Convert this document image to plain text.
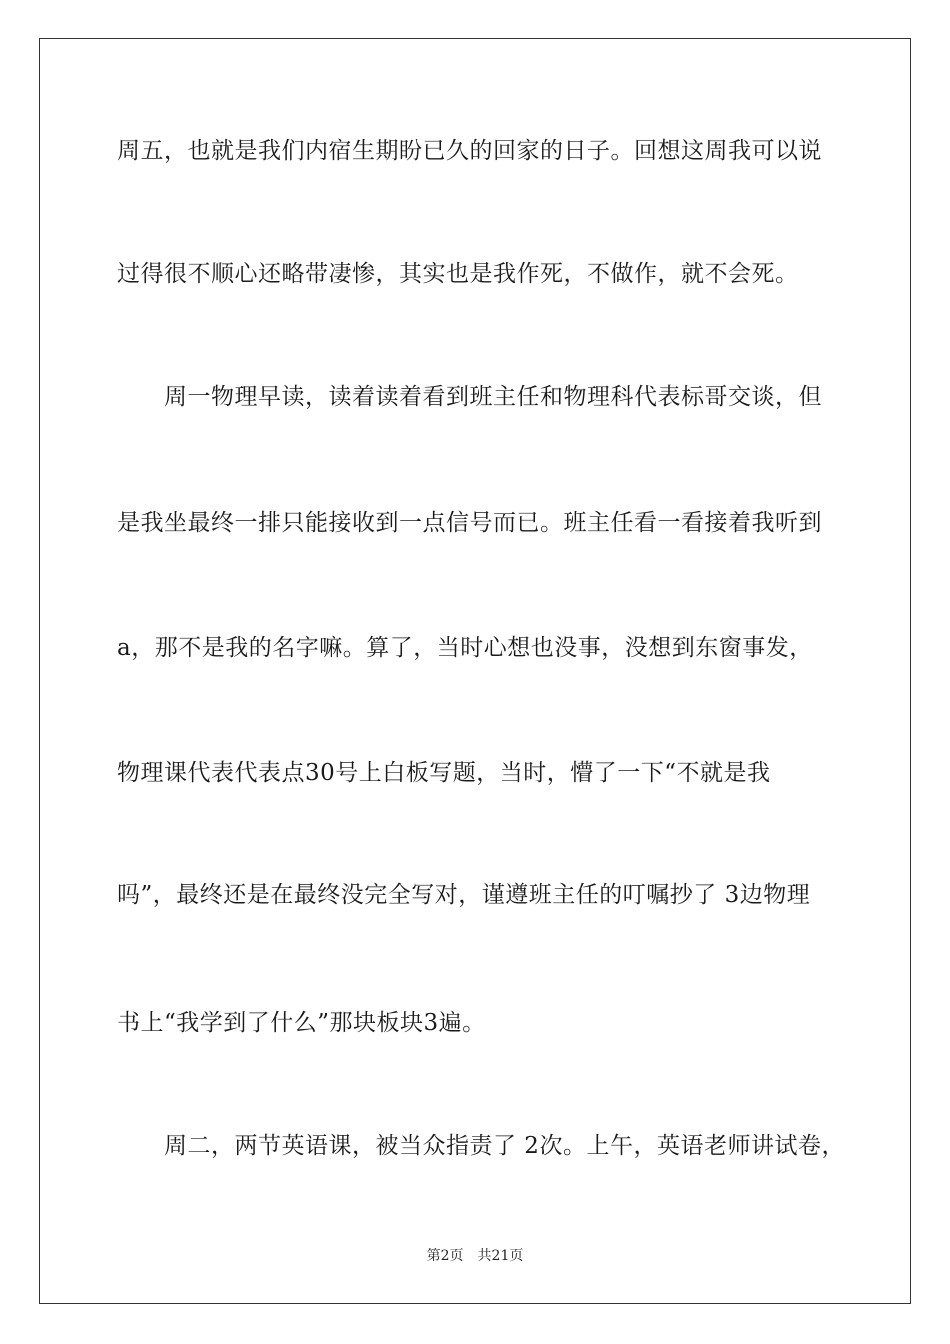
周五，也就是我们内宿生期盼已久的回家的日子。回想这周我可以说
过得很不顺心还略带凄惨，其实也是我作死，不做作，就不会死。
　　周一物理早读，读着读着看到班主任和物理科代表标哥交谈，但
是我坐最终一排只能接收到一点信号而已。班主任看一看接着我听到
a，那不是我的名字嘛。算了，当时心想也没事，没想到东窗事发，
物理课代表代表点30号上白板写题，当时，懵了一下“不就是我
吗”，最终还是在最终没完全写对，谨遵班主任的叮嘱抄了 3边物理
书上“我学到了什么”那块板块3遍。
　　周二，两节英语课，被当众指责了 2次。上午，英语老师讲试卷，
第2页　共21页
